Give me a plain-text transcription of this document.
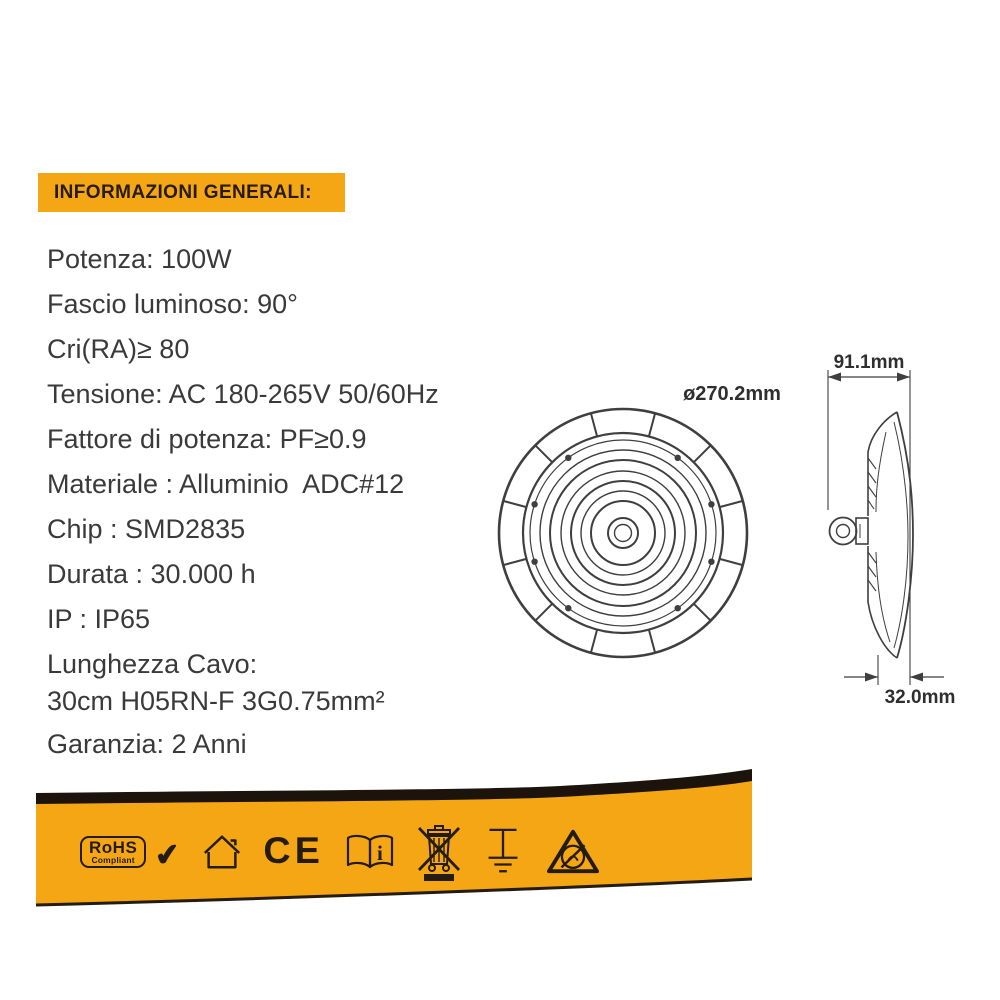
INFORMAZIONI GENERALI:
Potenza: 100W
Fascio luminoso: 90°
Cri(RA)≥ 80
Tensione: AC 180-265V 50/60Hz
Fattore di potenza: PF≥0.9
Materiale : Alluminio  ADC#12
Chip : SMD2835
Durata : 30.000 h
IP : IP65
Lunghezza Cavo:
30cm H05RN-F 3G0.75mm²
Garanzia: 2 Anni
ø270.2mm
91.1mm
32.0mm
RoHS
Compliant ✔ CE i
